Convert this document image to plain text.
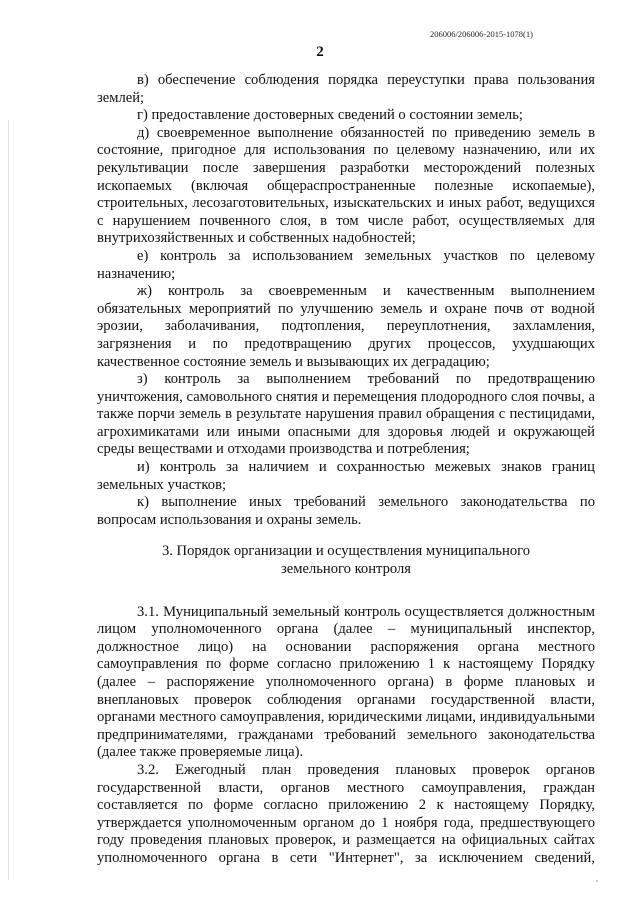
206006/206006-2015-1078(1)
2

в) обеспечение соблюдения порядка переуступки права пользования землей;

г) предоставление достоверных сведений о состоянии земель;

д) своевременное выполнение обязанностей по приведению земель в состояние, пригодное для использования по целевому назначению, или их рекультивации после завершения разработки месторождений полезных ископаемых (включая общераспространенные полезные ископаемые), строительных, лесозаготовительных, изыскательских и иных работ, ведущихся с нарушением почвенного слоя, в том числе работ, осуществляемых для внутрихозяйственных и собственных надобностей;

е) контроль за использованием земельных участков по целевому назначению;

ж) контроль за своевременным и качественным выполнением обязательных мероприятий по улучшению земель и охране почв от водной эрозии, заболачивания, подтопления, переуплотнения, захламления, загрязнения и по предотвращению других процессов, ухудшающих качественное состояние земель и вызывающих их деградацию;

з) контроль за выполнением требований по предотвращению уничтожения, самовольного снятия и перемещения плодородного слоя почвы, а также порчи земель в результате нарушения правил обращения с пестицидами, агрохимикатами или иными опасными для здоровья людей и окружающей среды веществами и отходами производства и потребления;

и) контроль за наличием и сохранностью межевых знаков границ земельных участков;

к) выполнение иных требований земельного законодательства по вопросам использования и охраны земель.

3. Порядок организации и осуществления муниципального

земельного контроля

3.1. Муниципальный земельный контроль осуществляется должностным лицом уполномоченного органа (далее – муниципальный инспектор, должностное лицо) на основании распоряжения органа местного самоуправления по форме согласно приложению 1 к настоящему Порядку (далее – распоряжение уполномоченного органа) в форме плановых и внеплановых проверок соблюдения органами государственной власти, органами местного самоуправления, юридическими лицами, индивидуальными предпринимателями, гражданами требований земельного законодательства (далее также проверяемые лица).

3.2. Ежегодный план проведения плановых проверок органов государственной власти, органов местного самоуправления, граждан составляется по форме согласно приложению 2 к настоящему Порядку, утверждается уполномоченным органом до 1 ноября года, предшествующего году проведения плановых проверок, и размещается на официальных сайтах уполномоченного органа в сети "Интернет", за исключением сведений,
